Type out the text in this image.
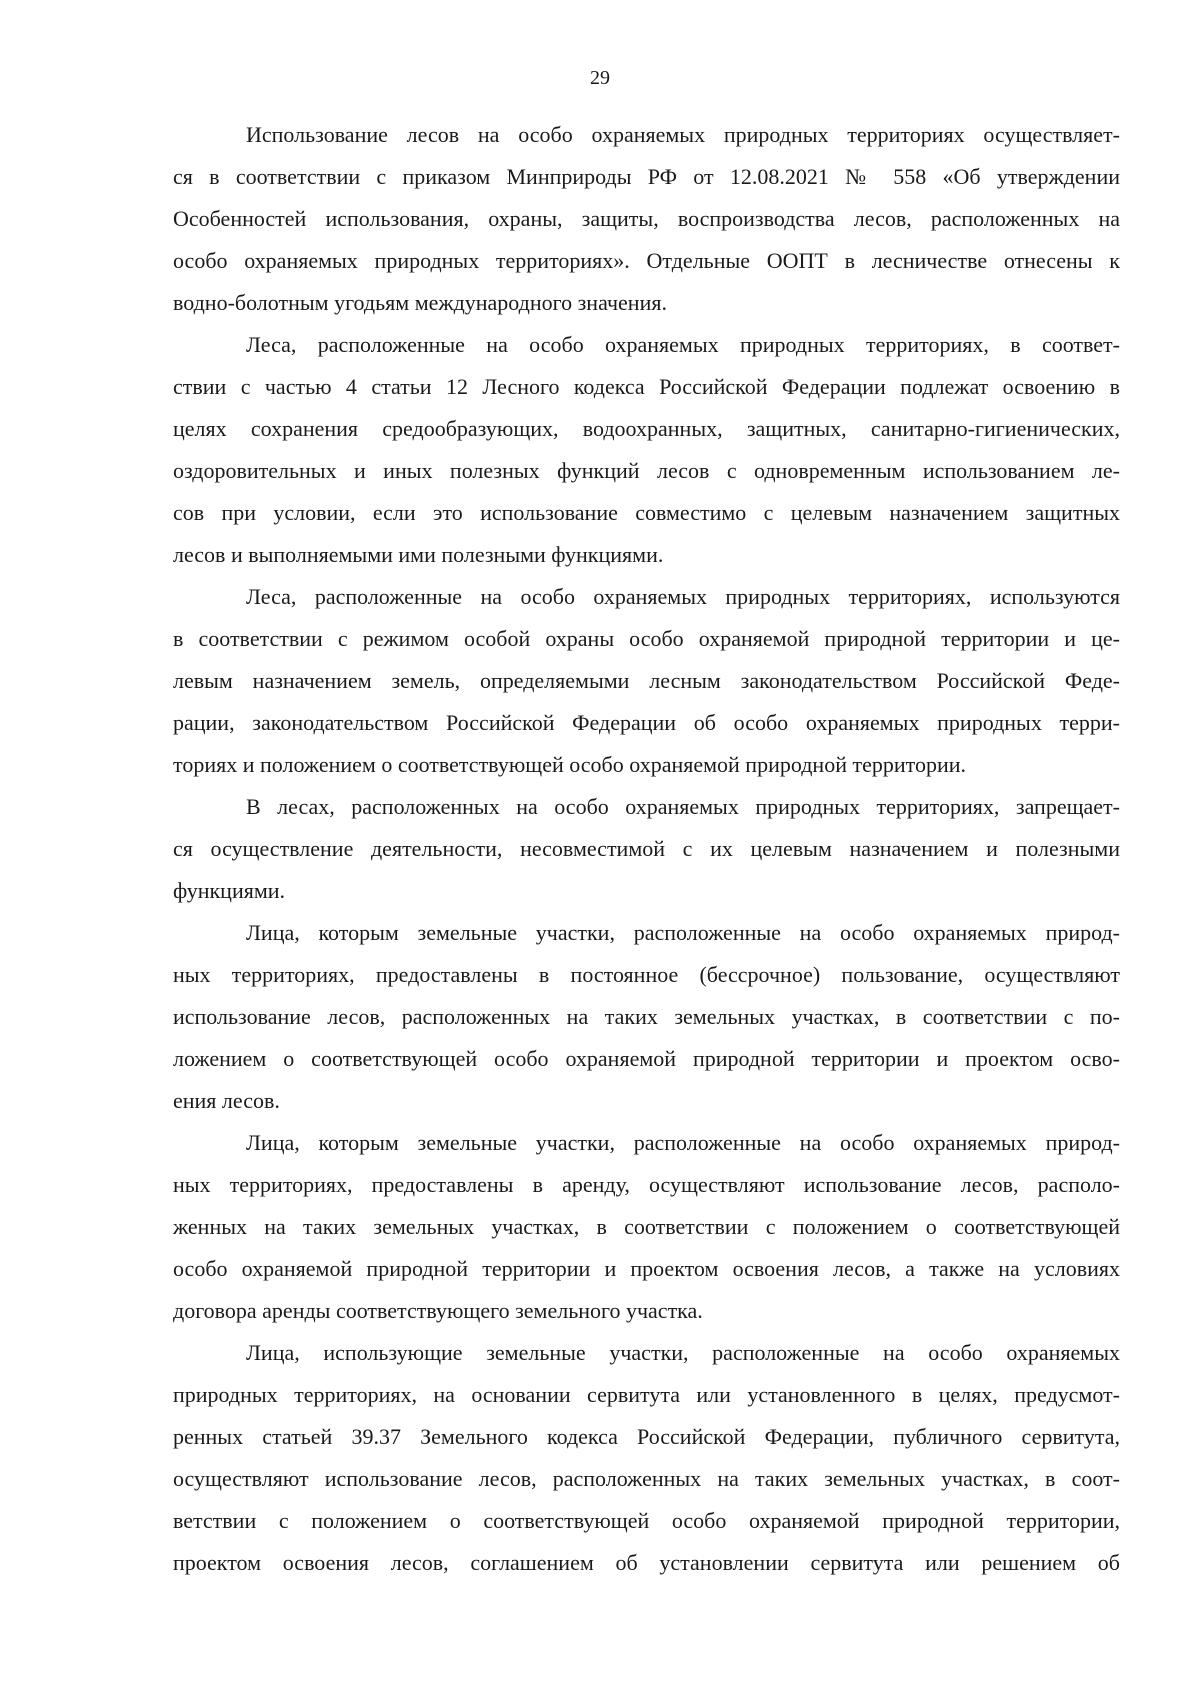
29

Использование лесов на особо охраняемых природных территориях осуществляет-
ся в соответствии с приказом Минприроды РФ от 12.08.2021 № 558 «Об утверждении
Особенностей использования, охраны, защиты, воспроизводства лесов, расположенных на
особо охраняемых природных территориях». Отдельные ООПТ в лесничестве отнесены к
водно-болотным угодьям международного значения.

Леса, расположенные на особо охраняемых природных территориях, в соответ-
ствии с частью 4 статьи 12 Лесного кодекса Российской Федерации подлежат освоению в
целях сохранения средообразующих, водоохранных, защитных, санитарно-гигиенических,
оздоровительных и иных полезных функций лесов с одновременным использованием ле-
сов при условии, если это использование совместимо с целевым назначением защитных
лесов и выполняемыми ими полезными функциями.

Леса, расположенные на особо охраняемых природных территориях, используются
в соответствии с режимом особой охраны особо охраняемой природной территории и це-
левым назначением земель, определяемыми лесным законодательством Российской Феде-
рации, законодательством Российской Федерации об особо охраняемых природных терри-
ториях и положением о соответствующей особо охраняемой природной территории.

В лесах, расположенных на особо охраняемых природных территориях, запрещает-
ся осуществление деятельности, несовместимой с их целевым назначением и полезными
функциями.

Лица, которым земельные участки, расположенные на особо охраняемых природ-
ных территориях, предоставлены в постоянное (бессрочное) пользование, осуществляют
использование лесов, расположенных на таких земельных участках, в соответствии с по-
ложением о соответствующей особо охраняемой природной территории и проектом осво-
ения лесов.

Лица, которым земельные участки, расположенные на особо охраняемых природ-
ных территориях, предоставлены в аренду, осуществляют использование лесов, располо-
женных на таких земельных участках, в соответствии с положением о соответствующей
особо охраняемой природной территории и проектом освоения лесов, а также на условиях
договора аренды соответствующего земельного участка.

Лица, использующие земельные участки, расположенные на особо охраняемых
природных территориях, на основании сервитута или установленного в целях, предусмот-
ренных статьей 39.37 Земельного кодекса Российской Федерации, публичного сервитута,
осуществляют использование лесов, расположенных на таких земельных участках, в соот-
ветствии с положением о соответствующей особо охраняемой природной территории,
проектом освоения лесов, соглашением об установлении сервитута или решением об
